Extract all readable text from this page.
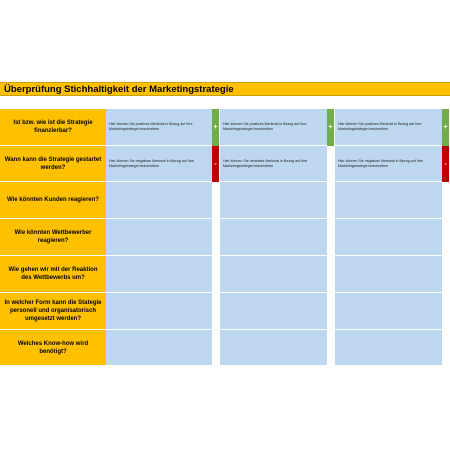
Überprüfung Stichhaltigkeit der Marketingstrategie
Ist bzw. wie ist die Strategie finanzierbar?
Wann kann die Strategie gestartet werden?
Wie könnten Kunden reagieren?
Wie könnten Wettbewerber reagieren?
Wie gehen wir mit der Reaktion des Wettbewerbs um?
In welcher Form kann die Stategie personell und organisatorisch umgesetzt werden?
Welches Know-how wird benötigt?
Hier können Sie positives Merkmal in Bezug auf Ihre Marketingstrategie beschreiben
Hier können Sie negatives Merkmal in Bezug auf Ihre Marketingstrategie beschreiben
+
-
Hier können Sie positives Merkmal in Bezug auf Ihre Marketingstrategie beschreiben
Hier können Sie neutrales Merkmal in Bezug auf Ihre Marketingstrategie beschreiben
+	Hier können Sie positives Merkmal in Bezug auf Ihre Marketingstrategie beschreiben
Hier können Sie negatives Merkmal in Bezug auf Ihre Marketingstrategie beschreiben
+
-
